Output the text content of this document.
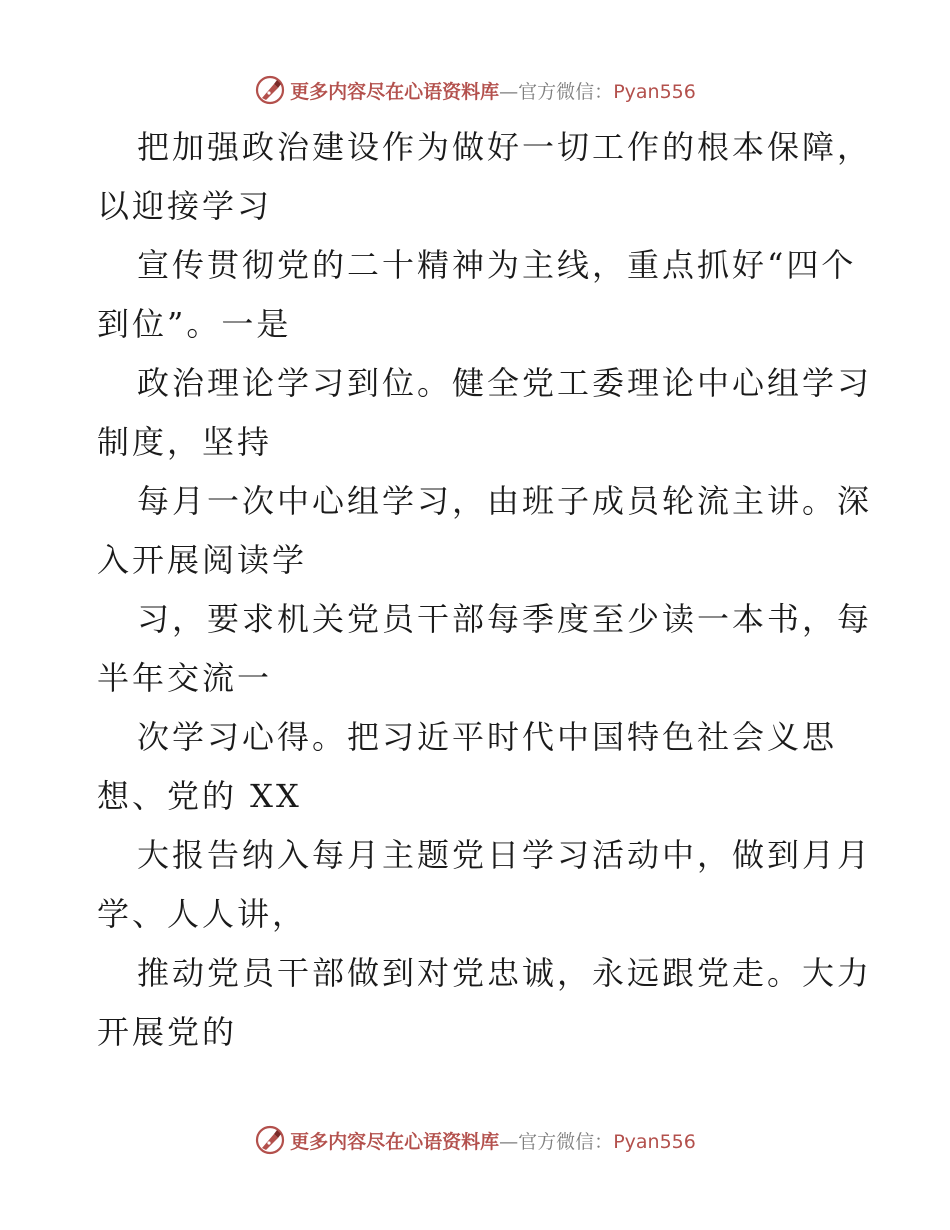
更多内容尽在心语资料库—官方微信：Pyan556
把加强政治建设作为做好一切工作的根本保障，
以迎接学习
宣传贯彻党的二十精神为主线，重点抓好“四个
到位”。一是
政治理论学习到位。健全党工委理论中心组学习
制度，坚持
每月一次中心组学习，由班子成员轮流主讲。深
入开展阅读学
习，要求机关党员干部每季度至少读一本书，每
半年交流一
次学习心得。把习近平时代中国特色社会义思
想、党的 XX
大报告纳入每月主题党日学习活动中，做到月月
学、人人讲，
推动党员干部做到对党忠诚，永远跟党走。大力
开展党的
更多内容尽在心语资料库—官方微信：Pyan556
